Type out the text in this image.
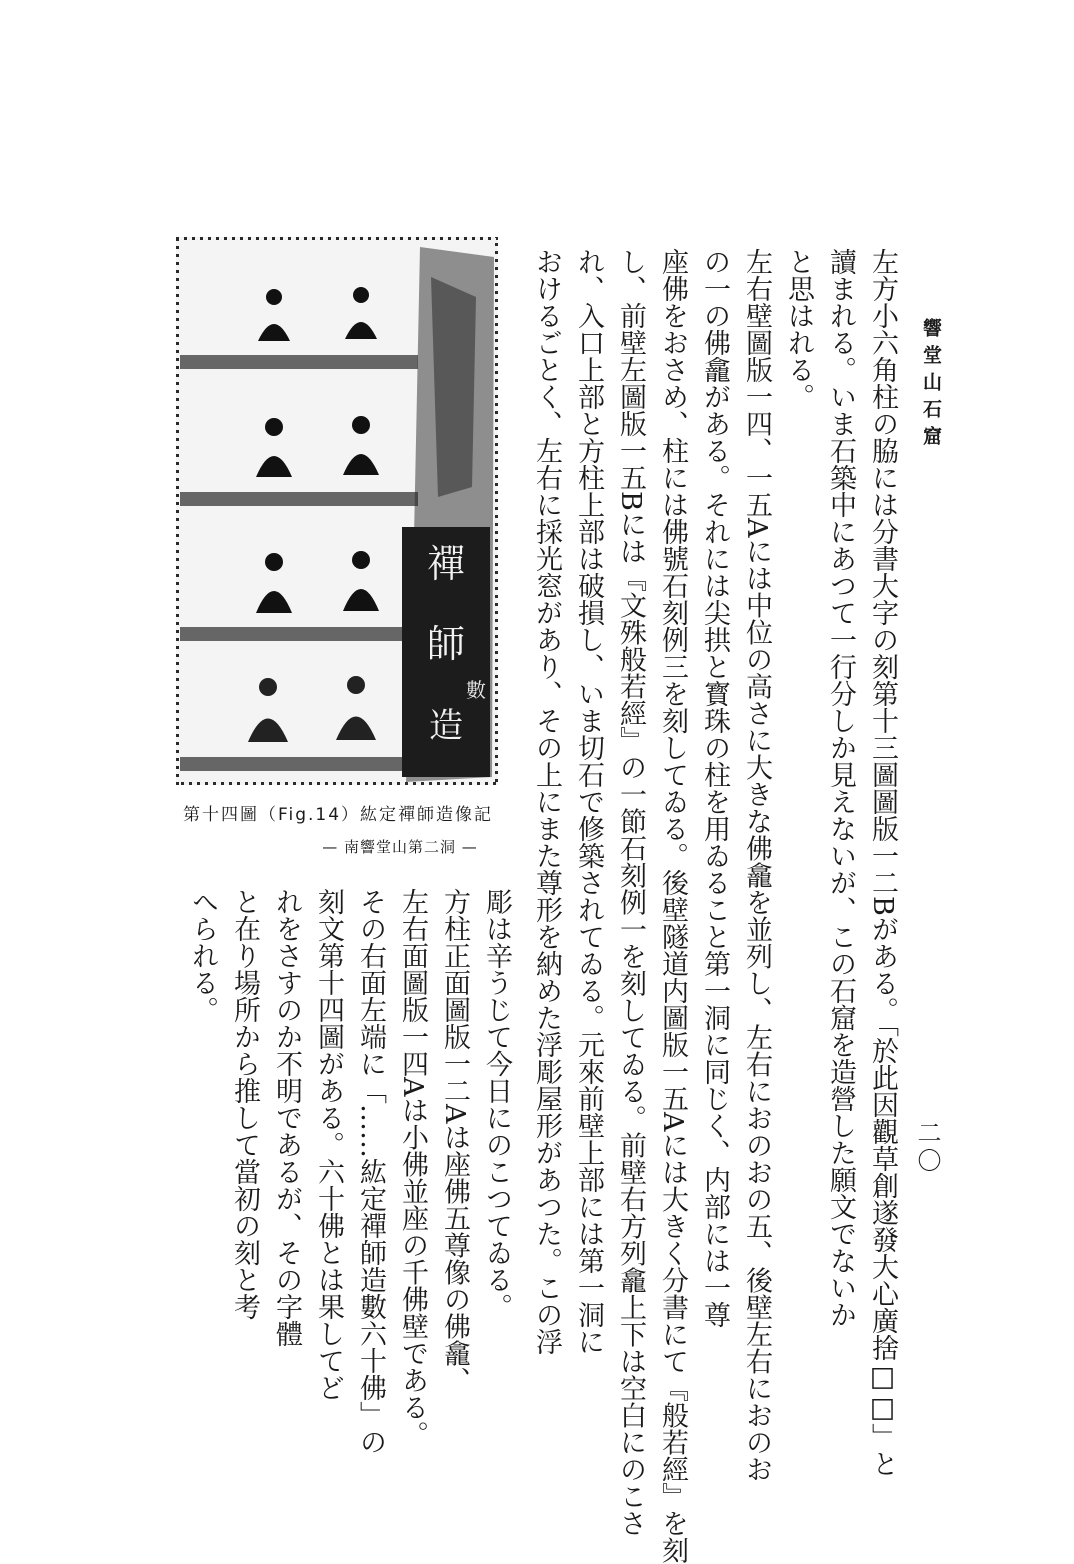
響堂山石窟
二〇
左方小六角柱の脇には分書大字の刻第十三圖圖版一二Bがある。「於此因觀草創遂發大心廣捨□□」と
讀まれる。いま石築中にあつて一行分しか見えないが、この石窟を造營した願文でないか
と思はれる。
左右壁圖版一四、一五Aには中位の高さに大きな佛龕を並列し、左右におのおの五、後壁左右におのお
の一の佛龕がある。それには尖拱と寳珠の柱を用ゐること第一洞に同じく、内部には一尊
座佛をおさめ、柱には佛號石刻例三を刻してゐる。後壁隧道内圖版一五Aには大きく分書にて『般若經』を刻
し、前壁左圖版一五Bには『文殊般若經』の一節石刻例一を刻してゐる。前壁右方列龕上下は空白にのこさ
れ、入口上部と方柱上部は破損し、いま切石で修築されてゐる。元來前壁上部には第一洞に
おけるごとく、左右に採光窓があり、その上にまた尊形を納めた浮彫屋形があつた。この浮
彫は辛うじて今日にのこつてゐる。
方柱正面圖版一二Aは座佛五尊像の佛龕、
左右面圖版一四Aは小佛並座の千佛壁である。
その右面左端に「……紘定禪師造數六十佛」の
刻文第十四圖がある。六十佛とは果してど
れをさすのか不明であるが、その字體
と在り場所から推して當初の刻と考
へられる。
禪
師
造
數
第十四圖（Fig.14）紘定禪師造像記
— 南響堂山第二洞 —
